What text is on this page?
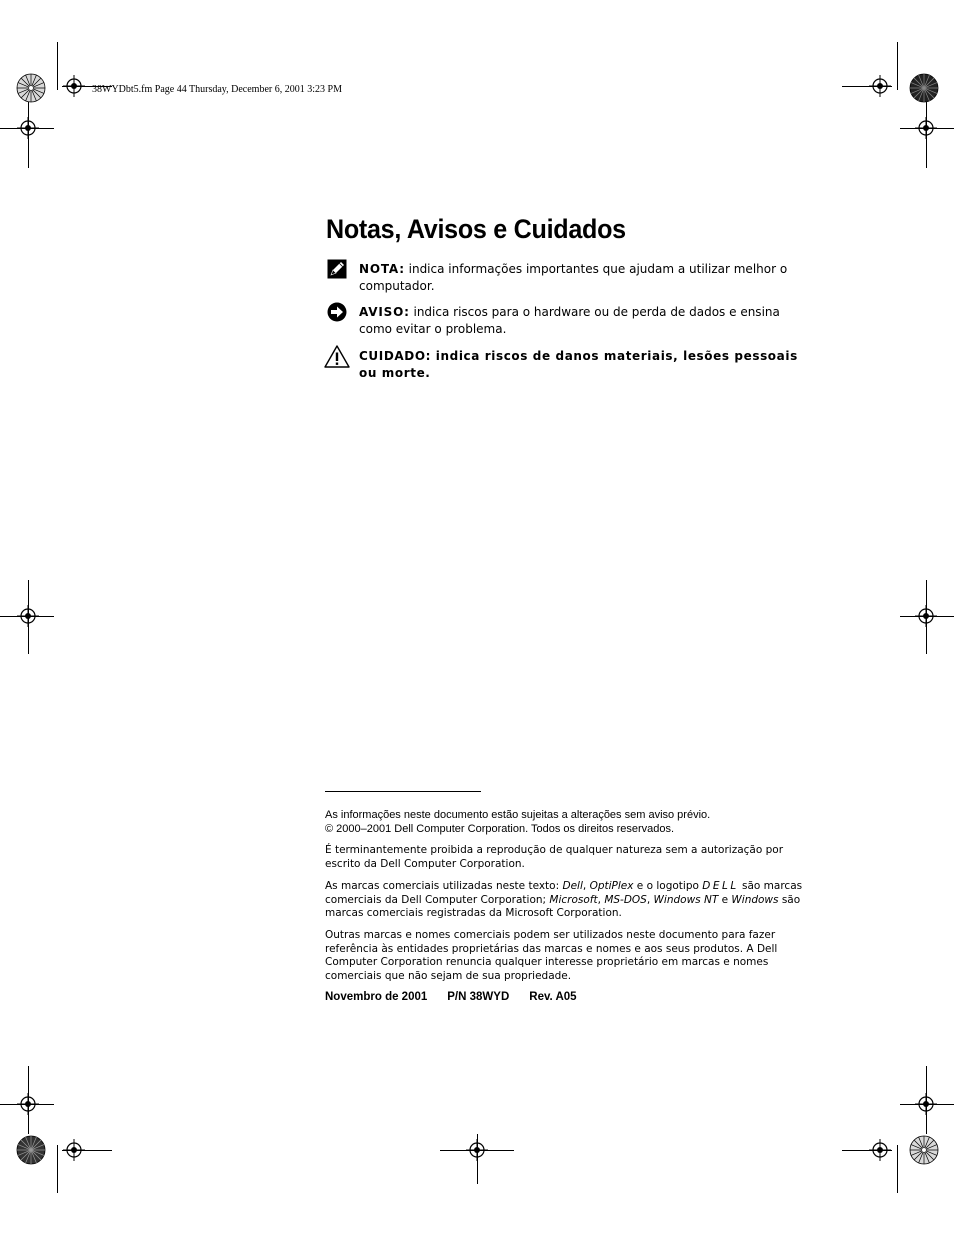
38WYDbt5.fm Page 44 Thursday, December 6, 2001 3:23 PM
Notas, Avisos e Cuidados
NOTA: indica informações importantes que ajudam a utilizar melhor o computador.
AVISO: indica riscos para o hardware ou de perda de dados e ensina como evitar o problema.
CUIDADO: indica riscos de danos materiais, lesões pessoais ou morte.
As informações neste documento estão sujeitas a alterações sem aviso prévio.
© 2000–2001 Dell Computer Corporation. Todos os direitos reservados.
É terminantemente proibida a reprodução de qualquer natureza sem a autorização por escrito da Dell Computer Corporation.
As marcas comerciais utilizadas neste texto: Dell, OptiPlex e o logotipo DELL são marcas comerciais da Dell Computer Corporation; Microsoft, MS-DOS, Windows NT e Windows são marcas comerciais registradas da Microsoft Corporation.
Outras marcas e nomes comerciais podem ser utilizados neste documento para fazer referência às entidades proprietárias das marcas e nomes e aos seus produtos. A Dell Computer Corporation renuncia qualquer interesse proprietário em marcas e nomes comerciais que não sejam de sua propriedade.
Novembro de 2001 P/N 38WYD Rev. A05
